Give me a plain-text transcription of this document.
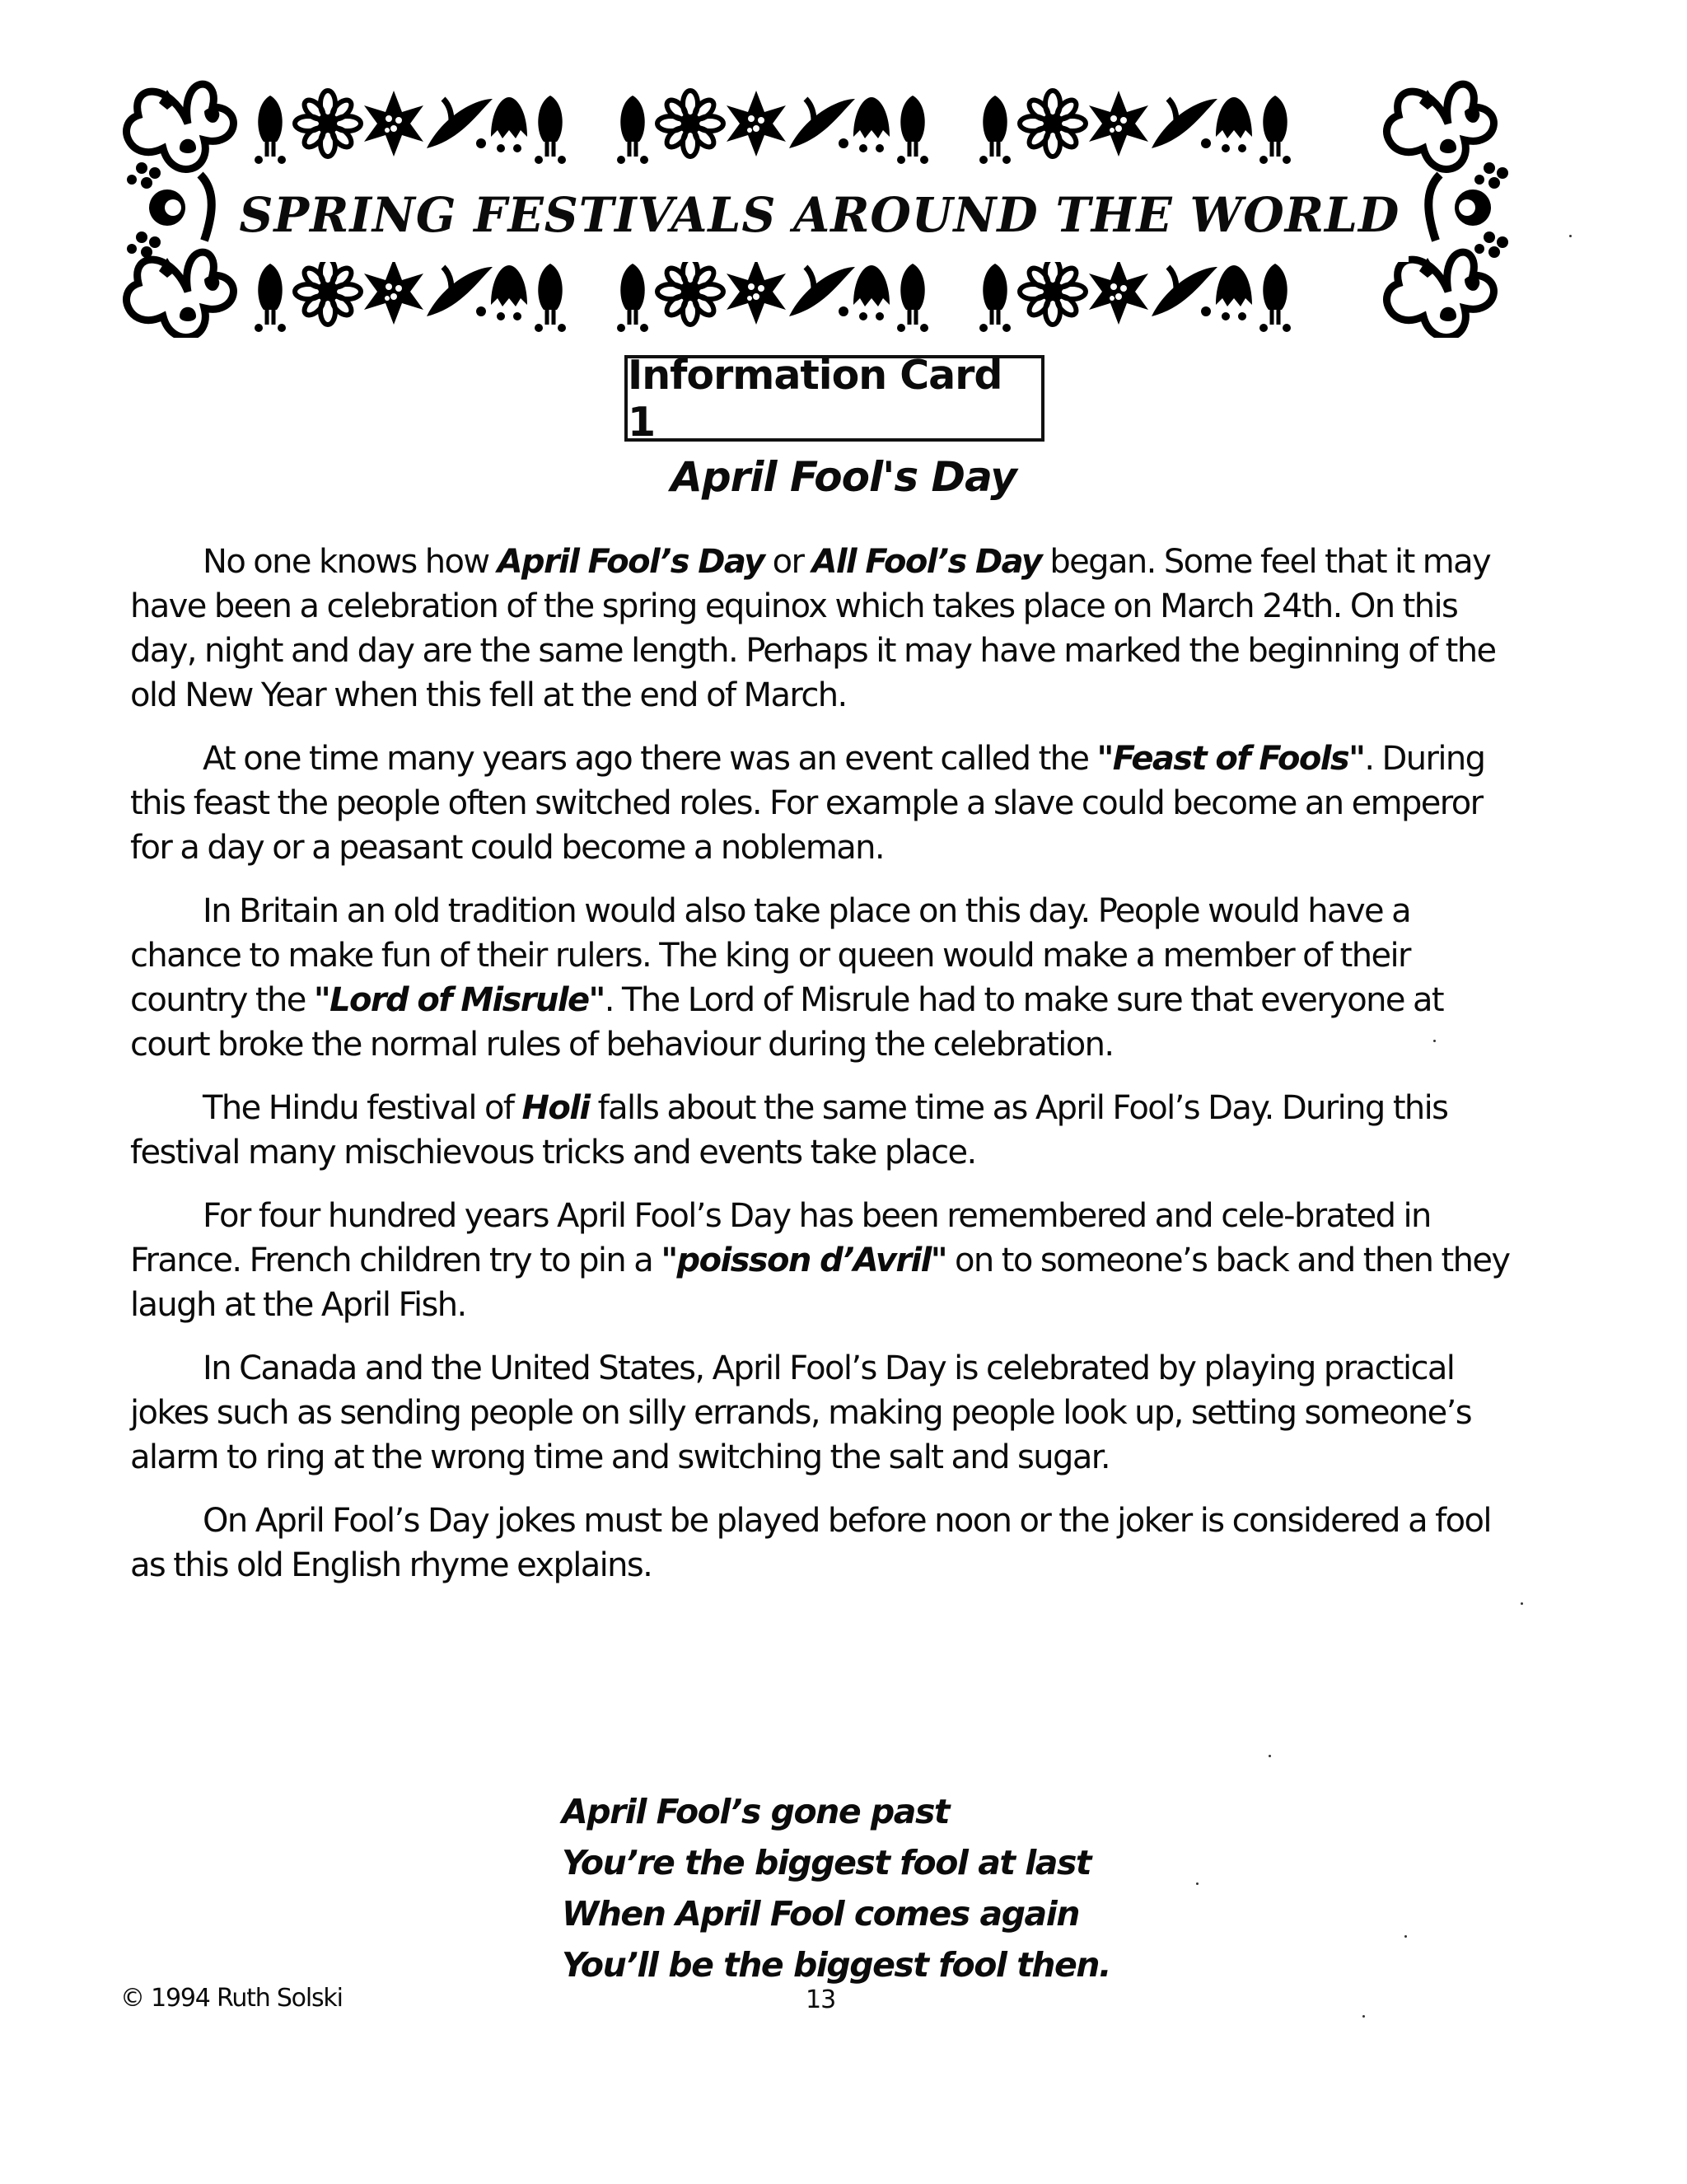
SPRING FESTIVALS AROUND THE WORLD
Information Card 1
April Fool's Day

No one knows how April Fool’s Day or All Fool’s Day began. Some feel that it may have been a celebration of the spring equinox which takes place on March 24th. On this day, night and day are the same length. Perhaps it may have marked the beginning of the old New Year when this fell at the end of March.

At one time many years ago there was an event called the "Feast of Fools". During this feast the people often switched roles. For example a slave could become an emperor for a day or a peasant could become a nobleman.

In Britain an old tradition would also take place on this day. People would have a chance to make fun of their rulers. The king or queen would make a member of their country the "Lord of Misrule". The Lord of Misrule had to make sure that everyone at court broke the normal rules of behaviour during the celebration.

The Hindu festival of Holi falls about the same time as April Fool’s Day. During this festival many mischievous tricks and events take place.

For four hundred years April Fool’s Day has been remembered and cele-brated in France. French children try to pin a "poisson d’Avril" on to someone’s back and then they laugh at the April Fish.

In Canada and the United States, April Fool’s Day is celebrated by playing practical jokes such as sending people on silly errands, making people look up, setting someone’s alarm to ring at the wrong time and switching the salt and sugar.

On April Fool’s Day jokes must be played before noon or the joker is considered a fool as this old English rhyme explains.

April Fool’s gone past
You’re the biggest fool at last
When April Fool comes again
You’ll be the biggest fool then.
© 1994 Ruth Solski	13
